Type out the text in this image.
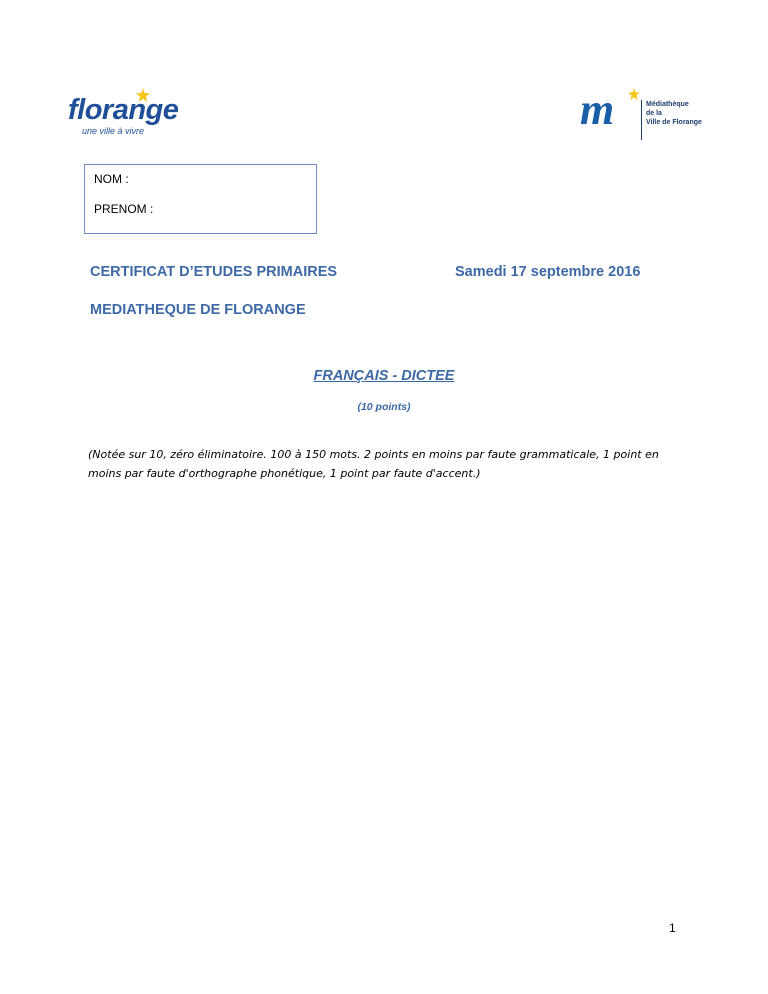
florange
une ville à vivre	m	Médiathèque
de la
Ville de Florange
NOM :
PRENOM :
CERTIFICAT D’ETUDES PRIMAIRES	Samedi 17 septembre 2016
MEDIATHEQUE DE FLORANGE
FRANÇAIS - DICTEE
(10 points)
(Notée sur 10, zéro éliminatoire. 100 à 150 mots. 2 points en moins par faute grammaticale, 1 point en moins par faute d'orthographe phonétique, 1 point par faute d'accent.)
1
